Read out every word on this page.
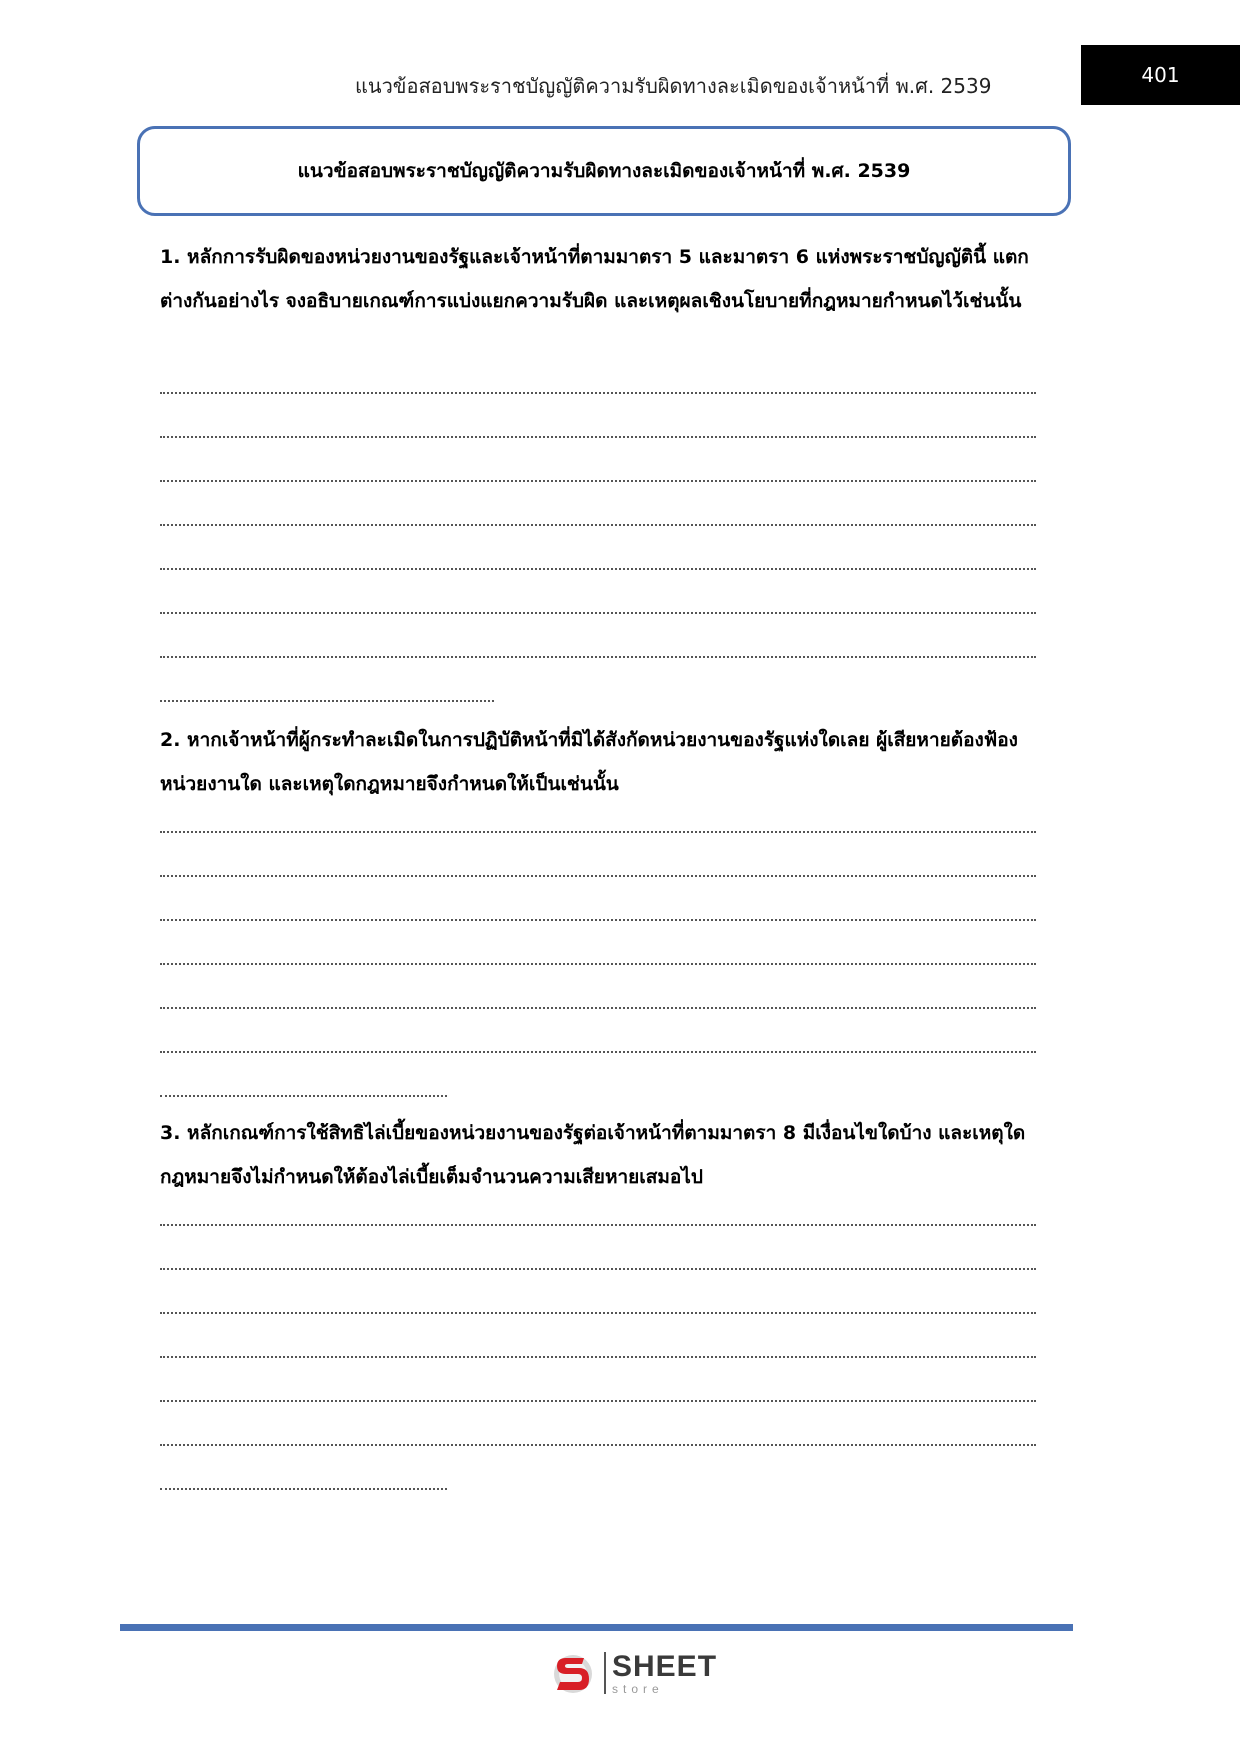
แนวข้อสอบพระราชบัญญัติความรับผิดทางละเมิดของเจ้าหน้าที่ พ.ศ. 2539	401
แนวข้อสอบพระราชบัญญัติความรับผิดทางละเมิดของเจ้าหน้าที่ พ.ศ. 2539
1. หลักการรับผิดของหน่วยงานของรัฐและเจ้าหน้าที่ตามมาตรา 5 และมาตรา 6 แห่งพระราชบัญญัตินี้ แตกต่างกันอย่างไร จงอธิบายเกณฑ์การแบ่งแยกความรับผิด และเหตุผลเชิงนโยบายที่กฎหมายกำหนดไว้เช่นนั้น
2. หากเจ้าหน้าที่ผู้กระทำละเมิดในการปฏิบัติหน้าที่มิได้สังกัดหน่วยงานของรัฐแห่งใดเลย ผู้เสียหายต้องฟ้องหน่วยงานใด และเหตุใดกฎหมายจึงกำหนดให้เป็นเช่นนั้น
3. หลักเกณฑ์การใช้สิทธิไล่เบี้ยของหน่วยงานของรัฐต่อเจ้าหน้าที่ตามมาตรา 8 มีเงื่อนไขใดบ้าง และเหตุใดกฎหมายจึงไม่กำหนดให้ต้องไล่เบี้ยเต็มจำนวนความเสียหายเสมอไป
SHEET
store
